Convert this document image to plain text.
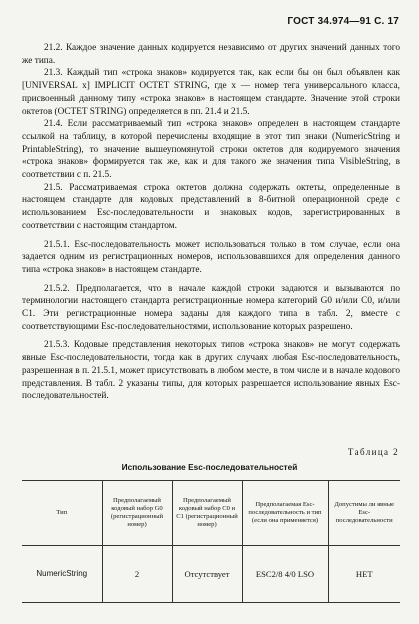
ГОСТ 34.974—91 С. 17

21.2. Каждое значение данных кодируется независимо от других значений данных того же типа.

21.3. Каждый тип «строка знаков» кодируется так, как если бы он был объявлен как [UNIVERSAL x] IMPLICIT OCTET STRING, где x — номер тега универсального класса, присвоенный данному типу «строка знаков» в настоящем стандарте. Значение этой строки октетов (OCTET STRING) определяется в пп. 21.4 и 21.5.

21.4. Если рассматриваемый тип «строка знаков» определен в настоящем стандарте ссылкой на таблицу, в которой перечислены входящие в этот тип знаки (NumericString и PrintableString), то значение вышеупомянутой строки октетов для кодируемого значения «строка знаков» формируется так же, как и для такого же значения типа VisibleString, в соответствии с п. 21.5.

21.5. Рассматриваемая строка октетов должна содержать октеты, определенные в настоящем стандарте для кодовых представлений в 8-битной операционной среде с использованием Esc-последовательности и знаковых кодов, зарегистрированных в соответствии с настоящим стандартом.

21.5.1. Esc-последовательность может использоваться только в том случае, если она задается одним из регистрационных номеров, использовавшихся для определения данного типа «строка знаков» в настоящем стандарте.

21.5.2. Предполагается, что в начале каждой строки задаются и вызываются по терминологии настоящего стандарта регистрационные номера категорий G0 и/или C0, и/или C1. Эти регистрационные номера заданы для каждого типа в табл. 2, вместе с соответствующими Esc-последовательностями, использование которых разрешено.

21.5.3. Кодовые представления некоторых типов «строка знаков» не могут содержать явные Esc-последовательности, тогда как в других случаях любая Esc-последовательность, разрешенная в п. 21.5.1, может присутствовать в любом месте, в том числе и в начале кодового представления. В табл. 2 указаны типы, для которых разрешается использование явных Esc-последовательностей.

Таблица 2
Использование Esc-последовательностей
Тип	Предполагаемый кодовый набор G0 (регистрационный номер)	Предполагаемый кодовый набор C0 и C1 (регистрационный номер)	Предполагаемая Esc-последовательность и тип (если она применяется)	Допустимы ли явные Esc-последовательности
NumericString	2	Отсутствует	ESC2/8 4/0 LSO	НЕТ
